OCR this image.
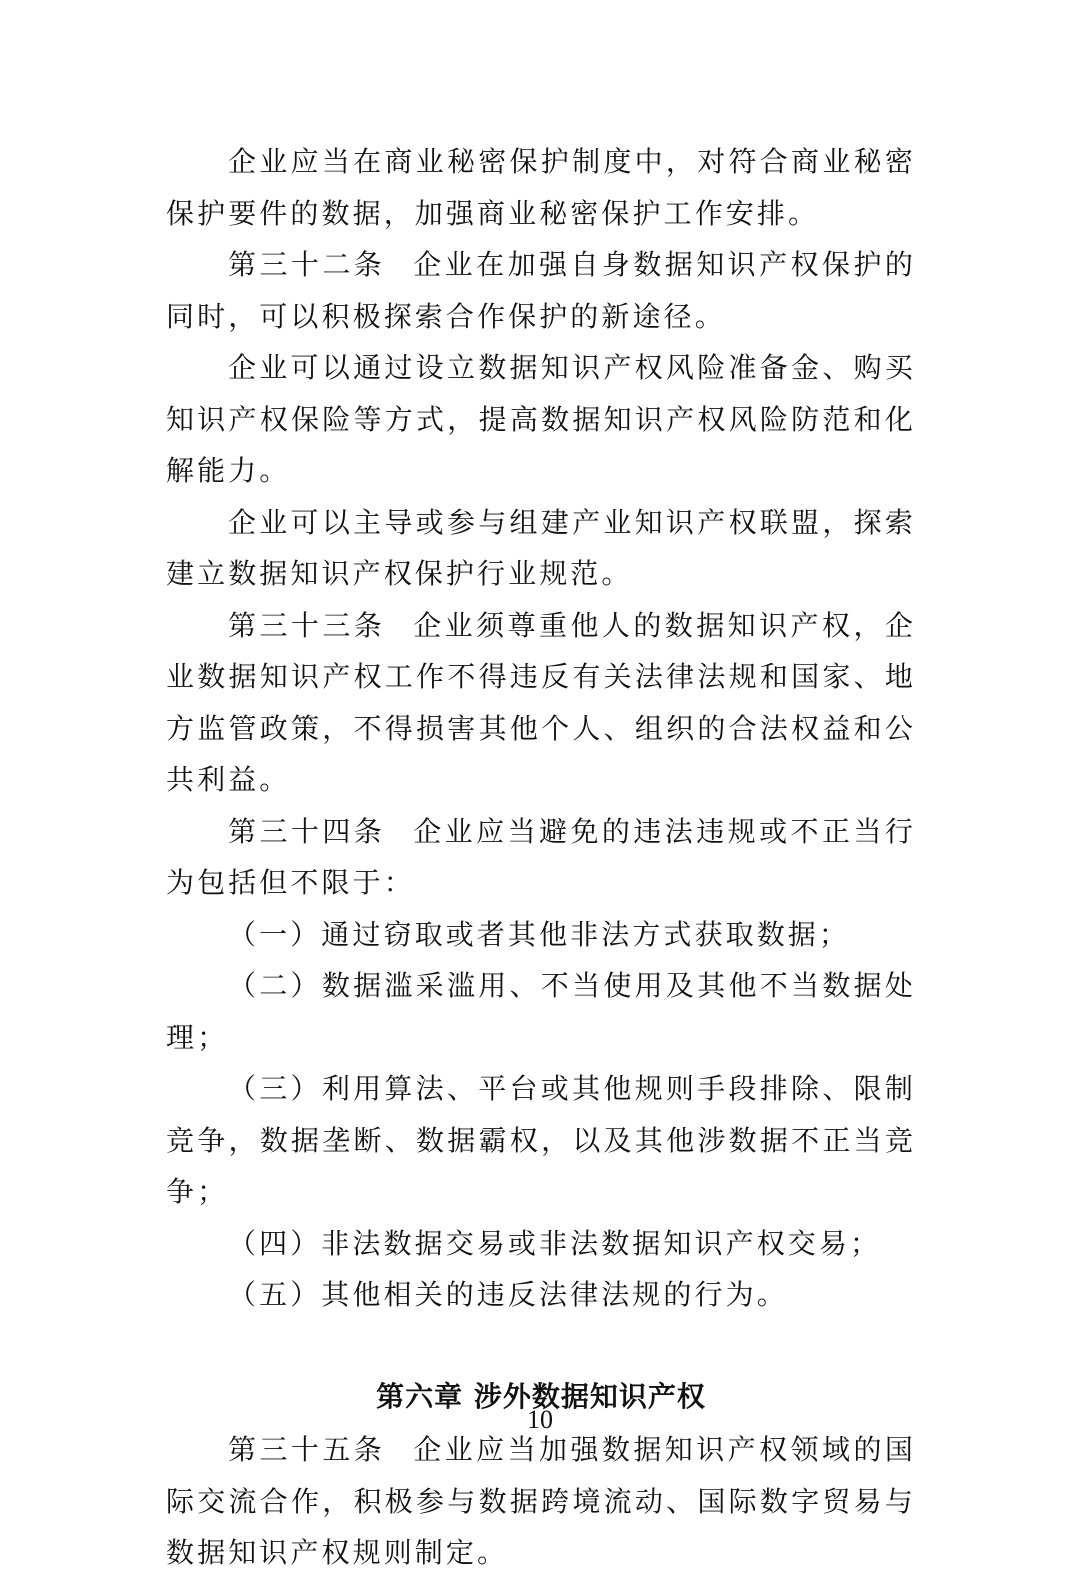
企业应当在商业秘密保护制度中，对符合商业秘密保护要件的数据，加强商业秘密保护工作安排。

第三十二条 企业在加强自身数据知识产权保护的同时，可以积极探索合作保护的新途径。

企业可以通过设立数据知识产权风险准备金、购买知识产权保险等方式，提高数据知识产权风险防范和化解能力。

企业可以主导或参与组建产业知识产权联盟，探索建立数据知识产权保护行业规范。

第三十三条 企业须尊重他人的数据知识产权，企业数据知识产权工作不得违反有关法律法规和国家、地方监管政策，不得损害其他个人、组织的合法权益和公共利益。

第三十四条 企业应当避免的违法违规或不正当行为包括但不限于：

（一）通过窃取或者其他非法方式获取数据；

（二）数据滥采滥用、不当使用及其他不当数据处理；

（三）利用算法、平台或其他规则手段排除、限制竞争，数据垄断、数据霸权，以及其他涉数据不正当竞争；

（四）非法数据交易或非法数据知识产权交易；

（五）其他相关的违反法律法规的行为。

第六章 涉外数据知识产权

第三十五条 企业应当加强数据知识产权领域的国际交流合作，积极参与数据跨境流动、国际数字贸易与数据知识产权规则制定。

10
